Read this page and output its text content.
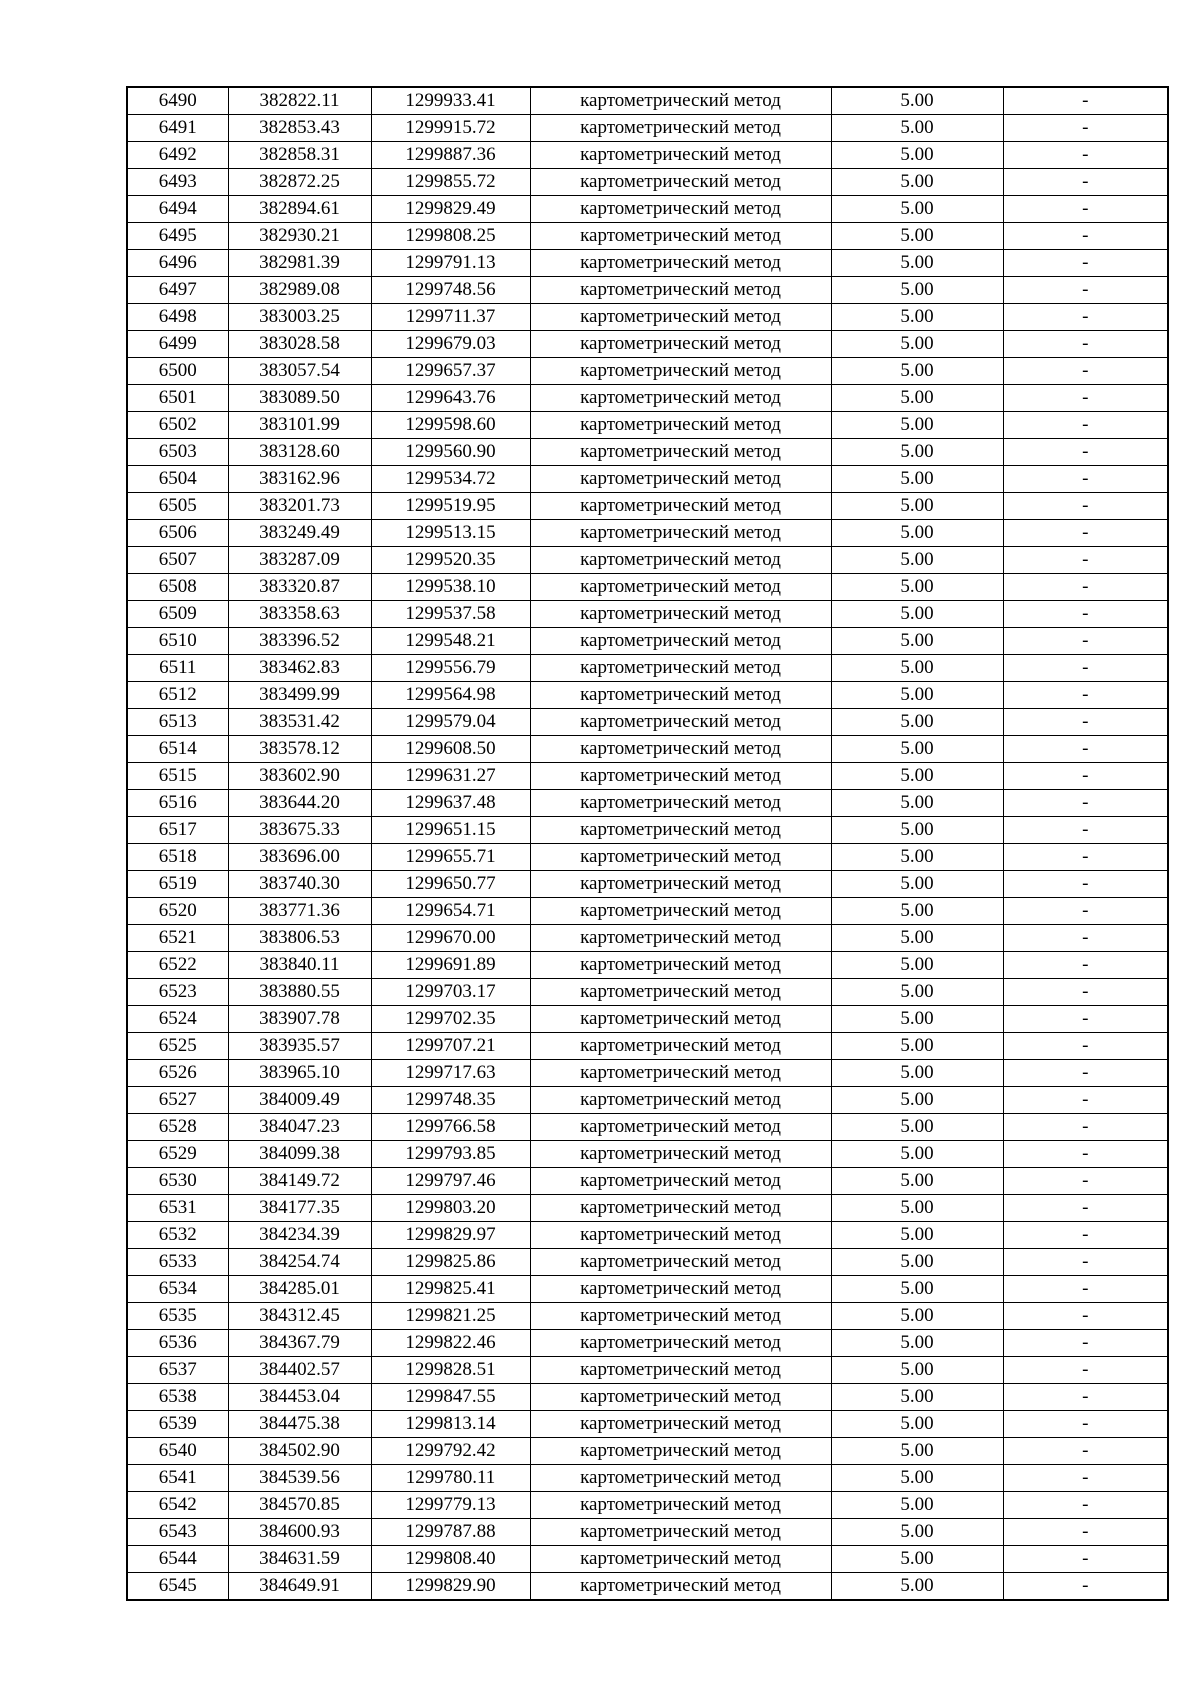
6490	382822.11	1299933.41	картометрический метод	5.00	-
6491	382853.43	1299915.72	картометрический метод	5.00	-
6492	382858.31	1299887.36	картометрический метод	5.00	-
6493	382872.25	1299855.72	картометрический метод	5.00	-
6494	382894.61	1299829.49	картометрический метод	5.00	-
6495	382930.21	1299808.25	картометрический метод	5.00	-
6496	382981.39	1299791.13	картометрический метод	5.00	-
6497	382989.08	1299748.56	картометрический метод	5.00	-
6498	383003.25	1299711.37	картометрический метод	5.00	-
6499	383028.58	1299679.03	картометрический метод	5.00	-
6500	383057.54	1299657.37	картометрический метод	5.00	-
6501	383089.50	1299643.76	картометрический метод	5.00	-
6502	383101.99	1299598.60	картометрический метод	5.00	-
6503	383128.60	1299560.90	картометрический метод	5.00	-
6504	383162.96	1299534.72	картометрический метод	5.00	-
6505	383201.73	1299519.95	картометрический метод	5.00	-
6506	383249.49	1299513.15	картометрический метод	5.00	-
6507	383287.09	1299520.35	картометрический метод	5.00	-
6508	383320.87	1299538.10	картометрический метод	5.00	-
6509	383358.63	1299537.58	картометрический метод	5.00	-
6510	383396.52	1299548.21	картометрический метод	5.00	-
6511	383462.83	1299556.79	картометрический метод	5.00	-
6512	383499.99	1299564.98	картометрический метод	5.00	-
6513	383531.42	1299579.04	картометрический метод	5.00	-
6514	383578.12	1299608.50	картометрический метод	5.00	-
6515	383602.90	1299631.27	картометрический метод	5.00	-
6516	383644.20	1299637.48	картометрический метод	5.00	-
6517	383675.33	1299651.15	картометрический метод	5.00	-
6518	383696.00	1299655.71	картометрический метод	5.00	-
6519	383740.30	1299650.77	картометрический метод	5.00	-
6520	383771.36	1299654.71	картометрический метод	5.00	-
6521	383806.53	1299670.00	картометрический метод	5.00	-
6522	383840.11	1299691.89	картометрический метод	5.00	-
6523	383880.55	1299703.17	картометрический метод	5.00	-
6524	383907.78	1299702.35	картометрический метод	5.00	-
6525	383935.57	1299707.21	картометрический метод	5.00	-
6526	383965.10	1299717.63	картометрический метод	5.00	-
6527	384009.49	1299748.35	картометрический метод	5.00	-
6528	384047.23	1299766.58	картометрический метод	5.00	-
6529	384099.38	1299793.85	картометрический метод	5.00	-
6530	384149.72	1299797.46	картометрический метод	5.00	-
6531	384177.35	1299803.20	картометрический метод	5.00	-
6532	384234.39	1299829.97	картометрический метод	5.00	-
6533	384254.74	1299825.86	картометрический метод	5.00	-
6534	384285.01	1299825.41	картометрический метод	5.00	-
6535	384312.45	1299821.25	картометрический метод	5.00	-
6536	384367.79	1299822.46	картометрический метод	5.00	-
6537	384402.57	1299828.51	картометрический метод	5.00	-
6538	384453.04	1299847.55	картометрический метод	5.00	-
6539	384475.38	1299813.14	картометрический метод	5.00	-
6540	384502.90	1299792.42	картометрический метод	5.00	-
6541	384539.56	1299780.11	картометрический метод	5.00	-
6542	384570.85	1299779.13	картометрический метод	5.00	-
6543	384600.93	1299787.88	картометрический метод	5.00	-
6544	384631.59	1299808.40	картометрический метод	5.00	-
6545	384649.91	1299829.90	картометрический метод	5.00	-
